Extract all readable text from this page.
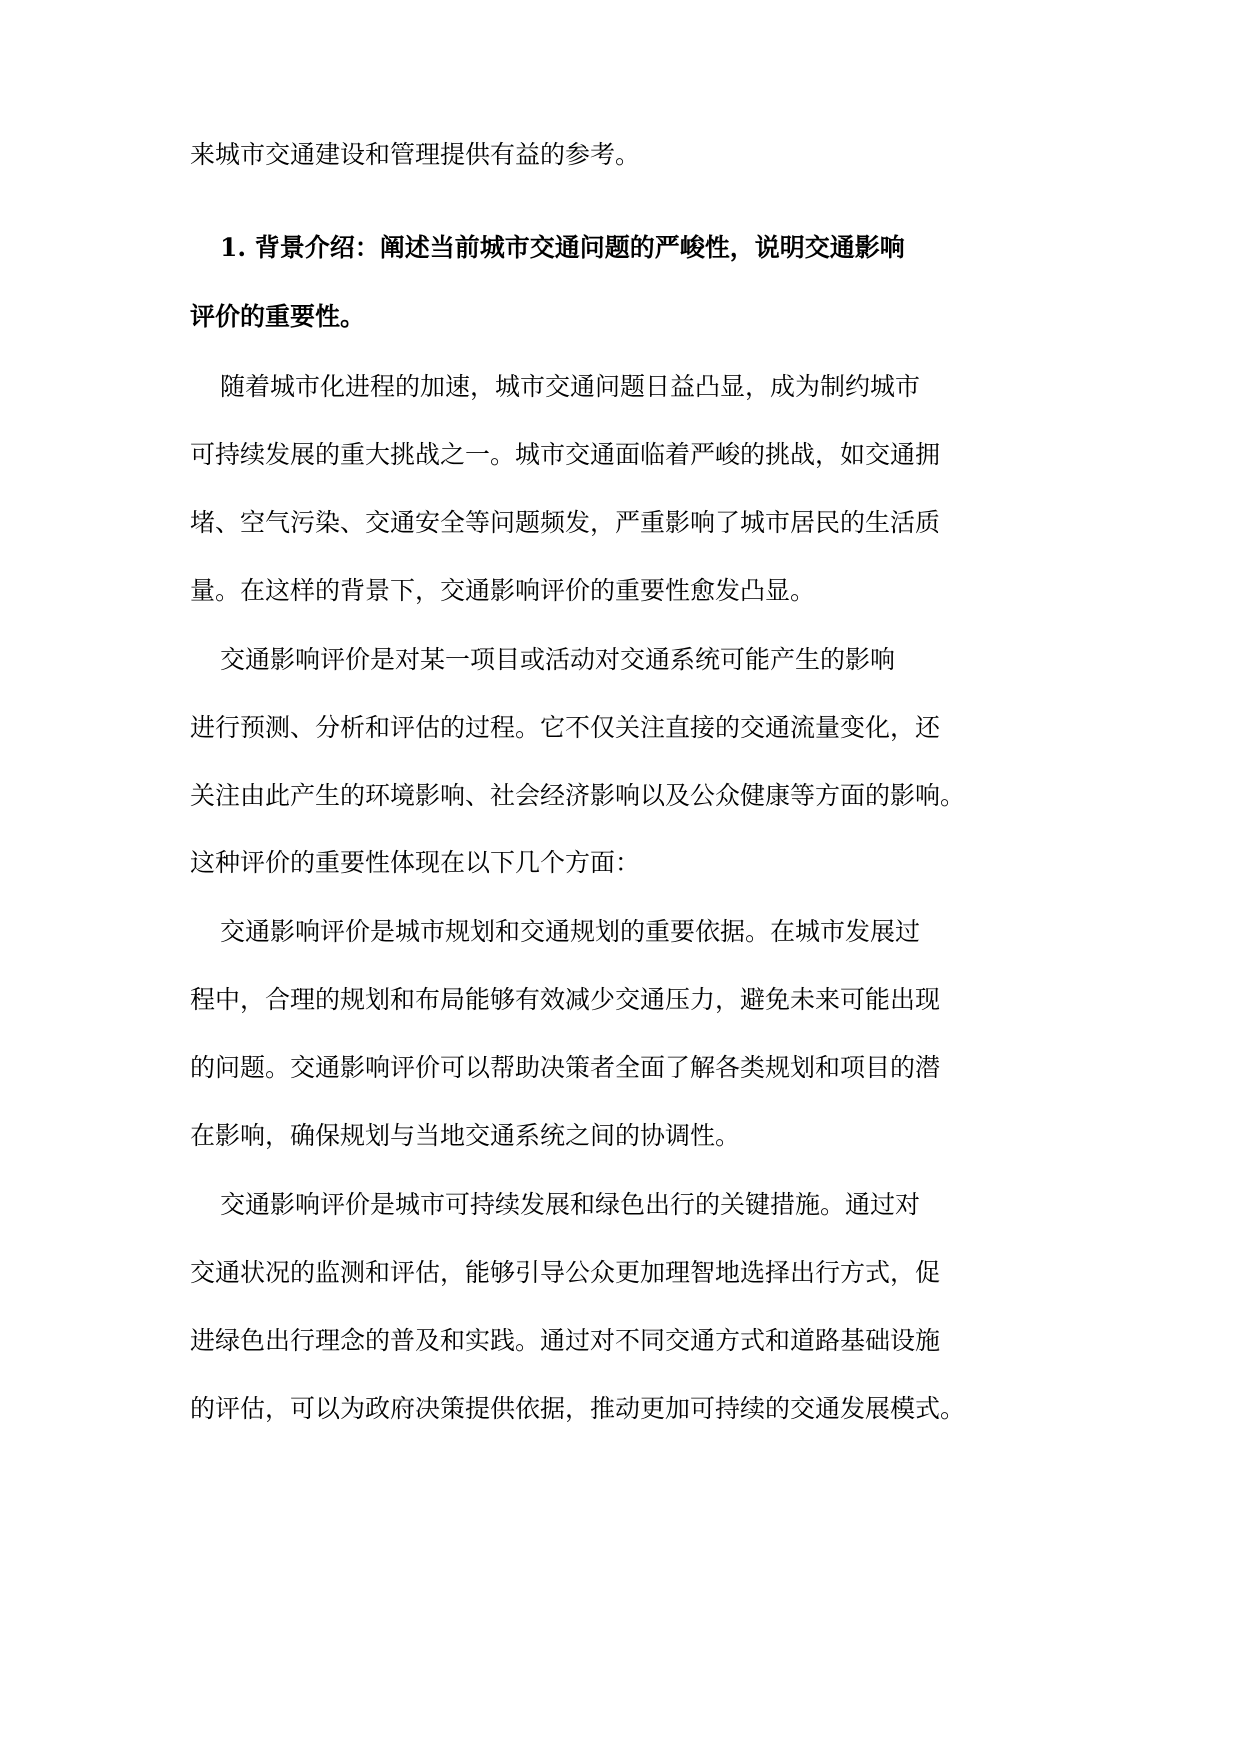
来城市交通建设和管理提供有益的参考。
1. 背景介绍：阐述当前城市交通问题的严峻性，说明交通影响
评价的重要性。
随着城市化进程的加速，城市交通问题日益凸显，成为制约城市
可持续发展的重大挑战之一。城市交通面临着严峻的挑战，如交通拥
堵、空气污染、交通安全等问题频发，严重影响了城市居民的生活质
量。在这样的背景下，交通影响评价的重要性愈发凸显。
交通影响评价是对某一项目或活动对交通系统可能产生的影响
进行预测、分析和评估的过程。它不仅关注直接的交通流量变化，还
关注由此产生的环境影响、社会经济影响以及公众健康等方面的影响。
这种评价的重要性体现在以下几个方面：
交通影响评价是城市规划和交通规划的重要依据。在城市发展过
程中，合理的规划和布局能够有效减少交通压力，避免未来可能出现
的问题。交通影响评价可以帮助决策者全面了解各类规划和项目的潜
在影响，确保规划与当地交通系统之间的协调性。
交通影响评价是城市可持续发展和绿色出行的关键措施。通过对
交通状况的监测和评估，能够引导公众更加理智地选择出行方式，促
进绿色出行理念的普及和实践。通过对不同交通方式和道路基础设施
的评估，可以为政府决策提供依据，推动更加可持续的交通发展模式。
